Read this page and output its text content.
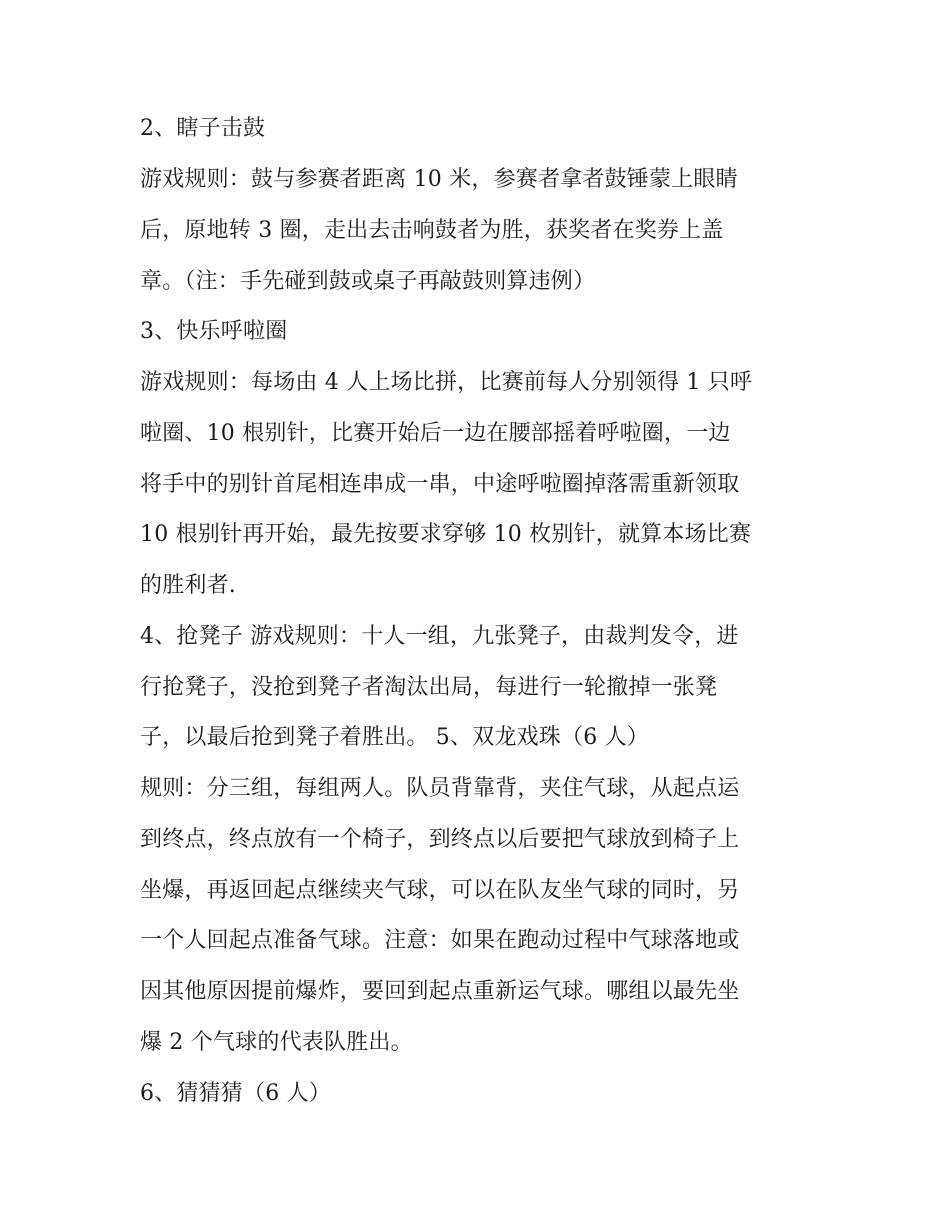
2、瞎子击鼓
游戏规则：鼓与参赛者距离 10 米，参赛者拿者鼓锤蒙上眼睛
后，原地转 3 圈，走出去击响鼓者为胜，获奖者在奖券上盖
章。（注：手先碰到鼓或桌子再敲鼓则算违例）
3、快乐呼啦圈
游戏规则：每场由 4 人上场比拼，比赛前每人分别领得 1 只呼
啦圈、10 根别针，比赛开始后一边在腰部摇着呼啦圈，一边
将手中的别针首尾相连串成一串，中途呼啦圈掉落需重新领取
10 根别针再开始，最先按要求穿够 10 枚别针，就算本场比赛
的胜利者.
4、抢凳子 游戏规则：十人一组，九张凳子，由裁判发令，进
行抢凳子，没抢到凳子者淘汰出局，每进行一轮撤掉一张凳
子，以最后抢到凳子着胜出。 5、双龙戏珠（6 人）
规则：分三组，每组两人。队员背靠背，夹住气球，从起点运
到终点，终点放有一个椅子，到终点以后要把气球放到椅子上
坐爆，再返回起点继续夹气球，可以在队友坐气球的同时，另
一个人回起点准备气球。注意：如果在跑动过程中气球落地或
因其他原因提前爆炸，要回到起点重新运气球。哪组以最先坐
爆 2 个气球的代表队胜出。
6、猜猜猜（6 人）
